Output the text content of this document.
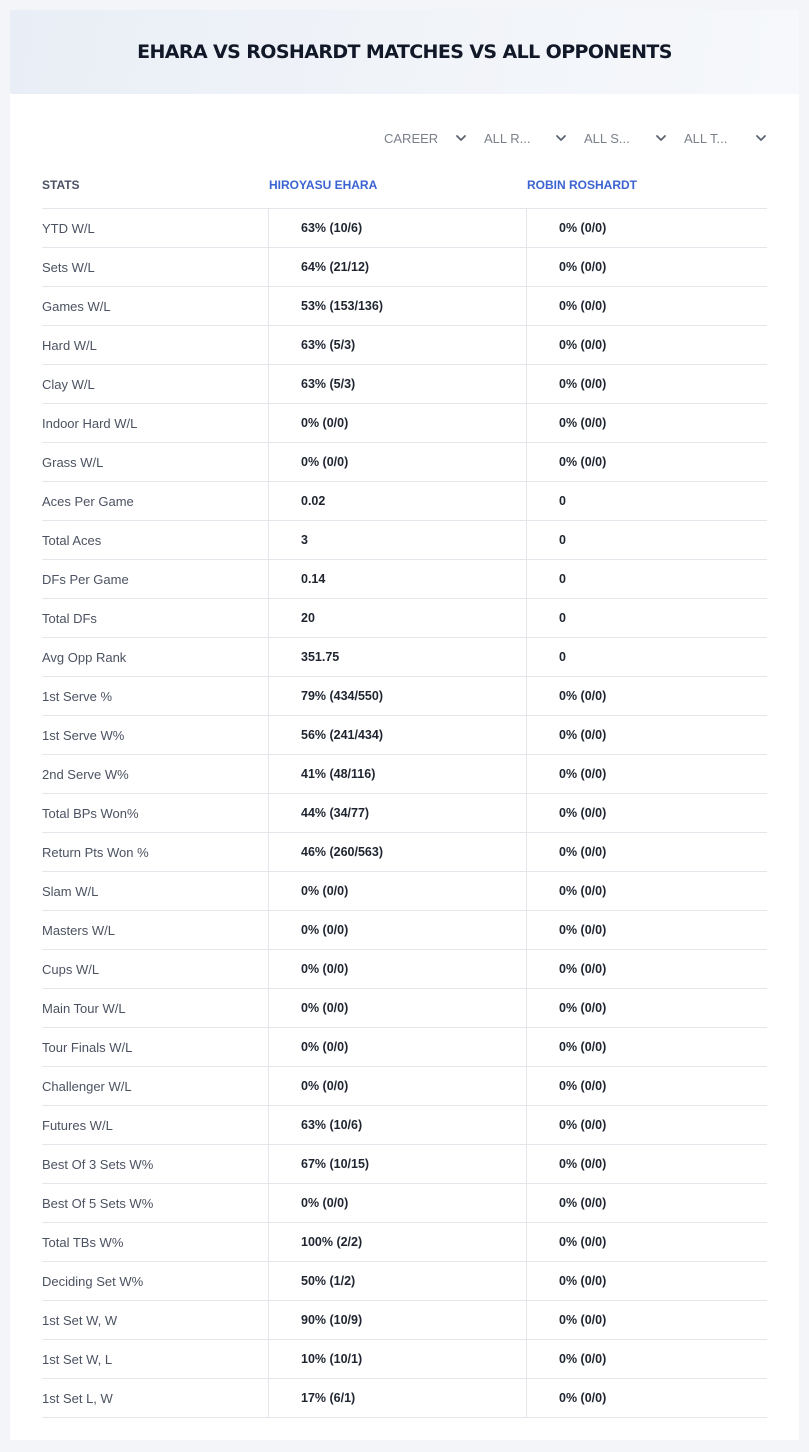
EHARA VS ROSHARDT MATCHES VS ALL OPPONENTS
CAREER	ALL R...	ALL S...	ALL T...
STATS	HIROYASU EHARA	ROBIN ROSHARDT
YTD W/L	63% (10/6)	0% (0/0)
Sets W/L	64% (21/12)	0% (0/0)
Games W/L	53% (153/136)	0% (0/0)
Hard W/L	63% (5/3)	0% (0/0)
Clay W/L	63% (5/3)	0% (0/0)
Indoor Hard W/L	0% (0/0)	0% (0/0)
Grass W/L	0% (0/0)	0% (0/0)
Aces Per Game	0.02	0
Total Aces	3	0
DFs Per Game	0.14	0
Total DFs	20	0
Avg Opp Rank	351.75	0
1st Serve %	79% (434/550)	0% (0/0)
1st Serve W%	56% (241/434)	0% (0/0)
2nd Serve W%	41% (48/116)	0% (0/0)
Total BPs Won%	44% (34/77)	0% (0/0)
Return Pts Won %	46% (260/563)	0% (0/0)
Slam W/L	0% (0/0)	0% (0/0)
Masters W/L	0% (0/0)	0% (0/0)
Cups W/L	0% (0/0)	0% (0/0)
Main Tour W/L	0% (0/0)	0% (0/0)
Tour Finals W/L	0% (0/0)	0% (0/0)
Challenger W/L	0% (0/0)	0% (0/0)
Futures W/L	63% (10/6)	0% (0/0)
Best Of 3 Sets W%	67% (10/15)	0% (0/0)
Best Of 5 Sets W%	0% (0/0)	0% (0/0)
Total TBs W%	100% (2/2)	0% (0/0)
Deciding Set W%	50% (1/2)	0% (0/0)
1st Set W, W	90% (10/9)	0% (0/0)
1st Set W, L	10% (10/1)	0% (0/0)
1st Set L, W	17% (6/1)	0% (0/0)
